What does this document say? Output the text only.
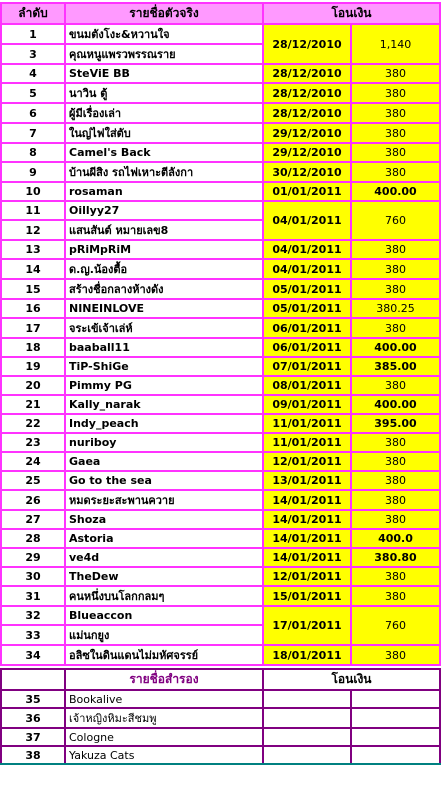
ลำดับ	รายชื่อตัวจริง	โอนเงิน	
1	ขนมตังโงะ&หวานใจ	28/12/2010	1,140
3	คุณหนูแพรวพรรณราย		
4	SteViE BB	28/12/2010	380
5	นาวิน ตู้	28/12/2010	380
6	ผู้มีเรื่องเล่า	28/12/2010	380
7	ในญ่ไฟใส่ตับ	29/12/2010	380
8	Camel's Back	29/12/2010	380
9	บ้านผีสิง รถไฟเหาะตีลังกา	30/12/2010	380
10	rosaman	01/01/2011	400.00
11	Oillyy27	04/01/2011	760
12	แสนสันต์ หมายเลข8		
13	pRiMpRiM	04/01/2011	380
14	ด.ญ.น้องตื้อ	04/01/2011	380
15	สร้างชื่อกลางห้างดัง	05/01/2011	380
16	NINEINLOVE	05/01/2011	380.25
17	จระเข้เจ้าเล่ห์	06/01/2011	380
18	baaball11	06/01/2011	400.00
19	TiP-ShiGe	07/01/2011	385.00
20	Pimmy PG	08/01/2011	380
21	Kally_narak	09/01/2011	400.00
22	Indy_peach	11/01/2011	395.00
23	nuriboy	11/01/2011	380
24	Gaea	12/01/2011	380
25	Go to the sea	13/01/2011	380
26	หมดระยะสะพานควาย	14/01/2011	380
27	Shoza	14/01/2011	380
28	Astoria	14/01/2011	400.0
29	ve4d	14/01/2011	380.80
30	TheDew	12/01/2011	380
31	คนหนึ่งบนโลกกลมๆ	15/01/2011	380
32	Blueaccon	17/01/2011	760
33	แม่นกยูง		
34	อลิซในดินแดนไม่มหัศจรรย์	18/01/2011	380
	รายชื่อสำรอง	โอนเงิน	
35	Bookalive		
36	เจ้าหญิงหิมะสีชมพู		
37	Cologne		
38	Yakuza Cats		
